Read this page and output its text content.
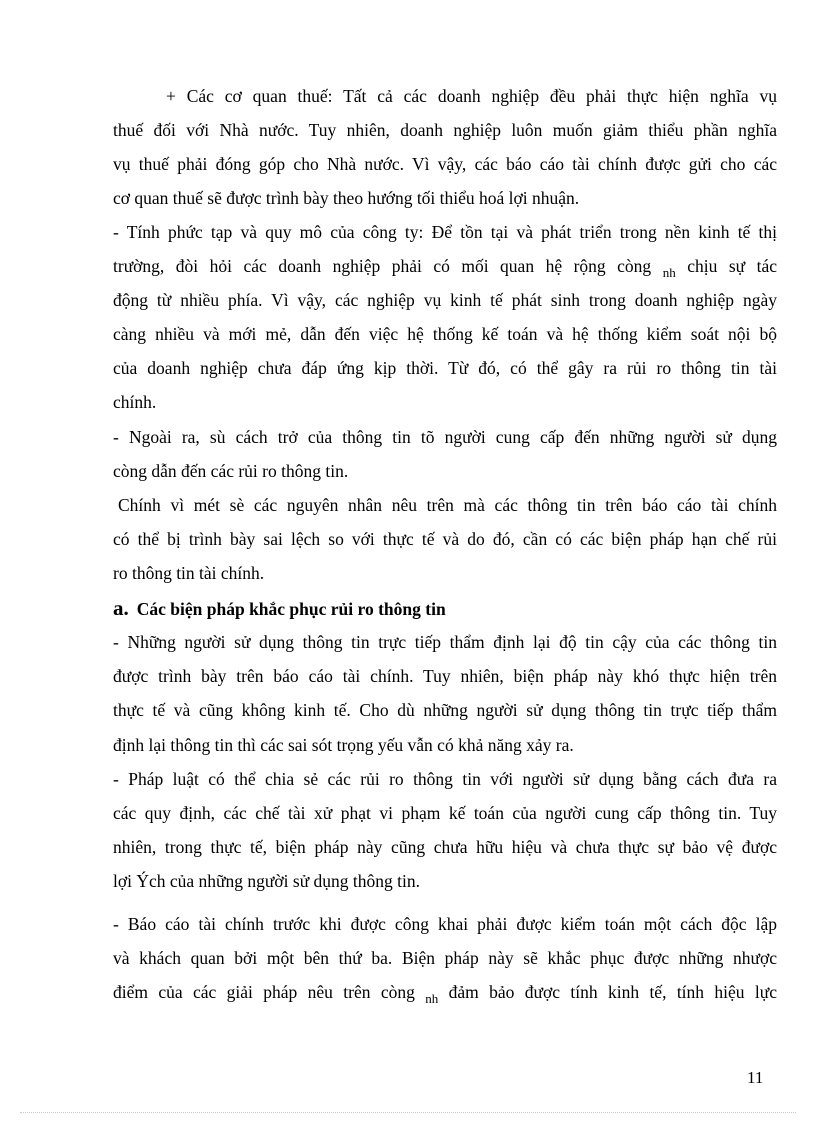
+ Các cơ quan thuế: Tất cả các doanh nghiệp đều phải thực hiện nghĩa vụ
thuế đối với Nhà nước. Tuy nhiên, doanh nghiệp luôn muốn giảm thiểu phần nghĩa
vụ thuế phải đóng góp cho Nhà nước. Vì vậy, các báo cáo tài chính được gửi cho các
cơ quan thuế sẽ được trình bày theo hướng tối thiểu hoá lợi nhuận.
- Tính phức tạp và quy mô của công ty: Để tồn tại và phát triển trong nền kinh tế thị
trường, đòi hỏi các doanh nghiệp phải có mối quan hệ rộng còng $_{nh}$ chịu sự tác
động từ nhiều phía. Vì vậy, các nghiệp vụ kinh tế phát sinh trong doanh nghiệp ngày
càng nhiều và mới mẻ, dẫn đến việc hệ thống kế toán và hệ thống kiểm soát nội bộ
của doanh nghiệp chưa đáp ứng kịp thời. Từ đó, có thể gây ra rủi ro thông tin tài
chính.
- Ngoài ra, sù cách trở của thông tin tõ người cung cấp đến những người sử dụng
còng dẫn đến các rủi ro thông tin.
Chính vì mét sè các nguyên nhân nêu trên mà các thông tin trên báo cáo tài chính
có thể bị trình bày sai lệch so với thực tế và do đó, cần có các biện pháp hạn chế rủi
ro thông tin tài chính.
a. Các biện pháp khắc phục rủi ro thông tin
- Những người sử dụng thông tin trực tiếp thẩm định lại độ tin cậy của các thông tin
được trình bày trên báo cáo tài chính. Tuy nhiên, biện pháp này khó thực hiện trên
thực tế và cũng không kinh tế. Cho dù những người sử dụng thông tin trực tiếp thẩm
định lại thông tin thì các sai sót trọng yếu vẫn có khả năng xảy ra.
- Pháp luật có thể chia sẻ các rủi ro thông tin với người sử dụng bằng cách đưa ra
các quy định, các chế tài xử phạt vi phạm kế toán của người cung cấp thông tin. Tuy
nhiên, trong thực tế, biện pháp này cũng chưa hữu hiệu và chưa thực sự bảo vệ được
lợi Ých của những người sử dụng thông tin.
- Báo cáo tài chính trước khi được công khai phải được kiểm toán một cách độc lập
và khách quan bởi một bên thứ ba. Biện pháp này sẽ khắc phục được những nhược
điểm của các giải pháp nêu trên còng $_{nh}$ đảm bảo được tính kinh tế, tính hiệu lực
11
